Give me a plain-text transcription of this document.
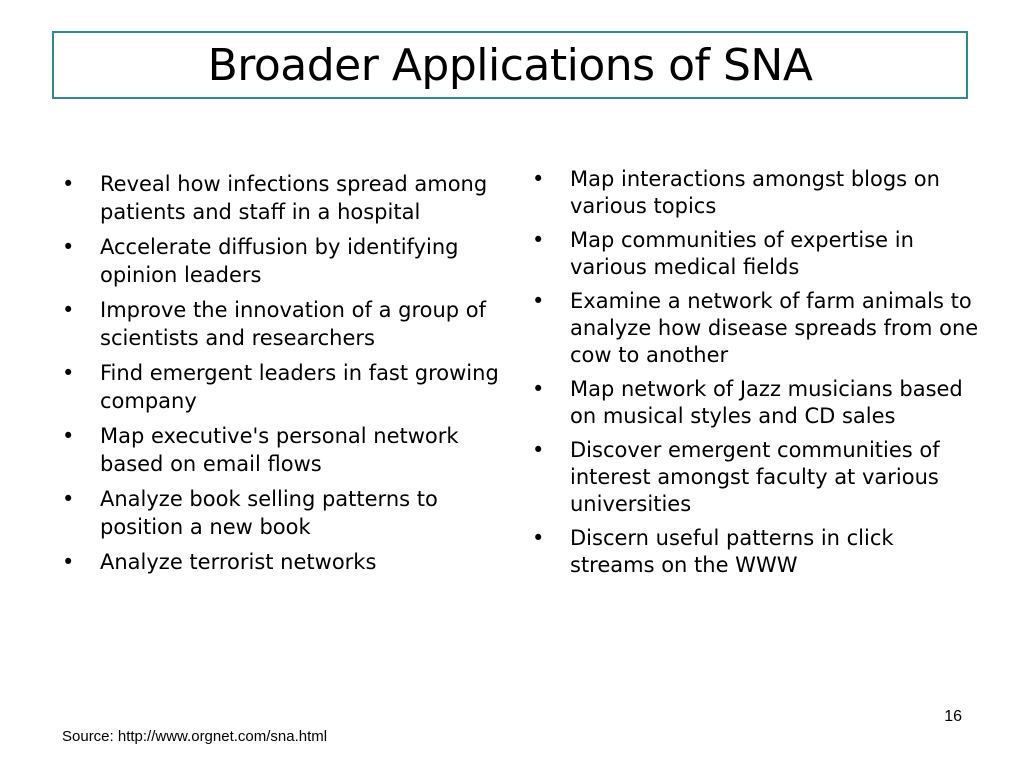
Broader Applications of SNA
•	Reveal how infections spread among patients and staff in a hospital
•	Accelerate diffusion by identifying opinion leaders
•	Improve the innovation of a group of scientists and researchers
•	Find emergent leaders in fast growing company
•	Map executive's personal network based on email flows
•	Analyze book selling patterns to position a new book
•	Analyze terrorist networks
•	Map interactions amongst blogs on various topics
•	Map communities of expertise in various medical fields
•	Examine a network of farm animals to analyze how disease spreads from one cow to another
•	Map network of Jazz musicians based on musical styles and CD sales
•	Discover emergent communities of interest amongst faculty at various universities
•	Discern useful patterns in click streams on the WWW
16
Source: http://www.orgnet.com/sna.html
